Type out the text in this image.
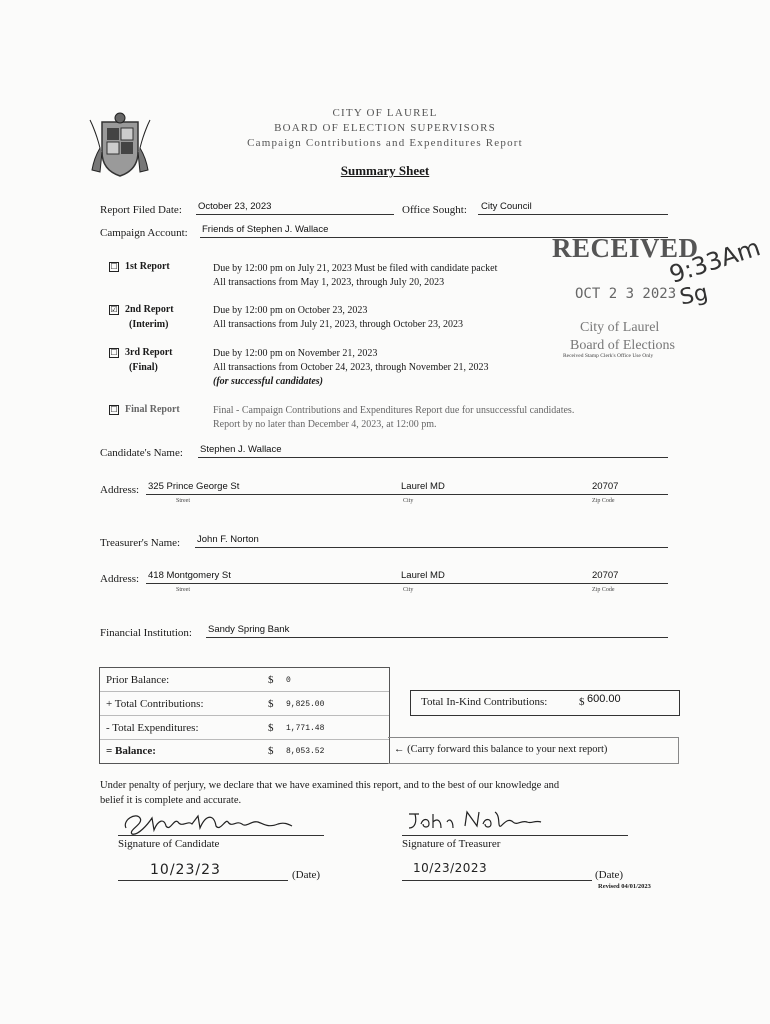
CITY OF LAUREL
BOARD OF ELECTION SUPERVISORS
Campaign Contributions and Expenditures Report
Summary Sheet
Report Filed Date: October 23, 2023	Office Sought: City Council
Campaign Account: Friends of Stephen J. Wallace
☐ 1st Report	Due by 12:00 pm on July 21, 2023 Must be filed with candidate packet
All transactions from May 1, 2023, through July 20, 2023
☑ 2nd Report
(Interim)
Due by 12:00 pm on October 23, 2023
All transactions from July 21, 2023, through October 23, 2023
☐ 3rd Report
(Final)
Due by 12:00 pm on November 21, 2023
All transactions from October 24, 2023, through November 21, 2023
(for successful candidates)
☐ Final Report	Final - Campaign Contributions and Expenditures Report due for unsuccessful candidates.
Report by no later than December 4, 2023, at 12:00 pm.
RECEIVED
OCT 2 3 2023
City of Laurel
Board of Elections
Received Stamp Clerk's Office Use Only
9:33Am
Sg
Candidate's Name: Stephen J. Wallace
Address: 325 Prince George St	Laurel MD	20707
Street	City	Zip Code
Treasurer's Name: John F. Norton
Address: 418 Montgomery St	Laurel MD	20707
Street	City	Zip Code
Financial Institution: Sandy Spring Bank
Prior Balance:	$ 0
+ Total Contributions:	$ 9,825.00
- Total Expenditures:	$ 1,771.48
= Balance:	$ 8,053.52
Total In-Kind Contributions:	$ 600.00
← (Carry forward this balance to your next report)
Under penalty of perjury, we declare that we have examined this report, and to the best of our knowledge and
belief it is complete and accurate.
Signature of Candidate	Signature of Treasurer
10/23/23	(Date)	10/23/2023	(Date)
Revised 04/01/2023
